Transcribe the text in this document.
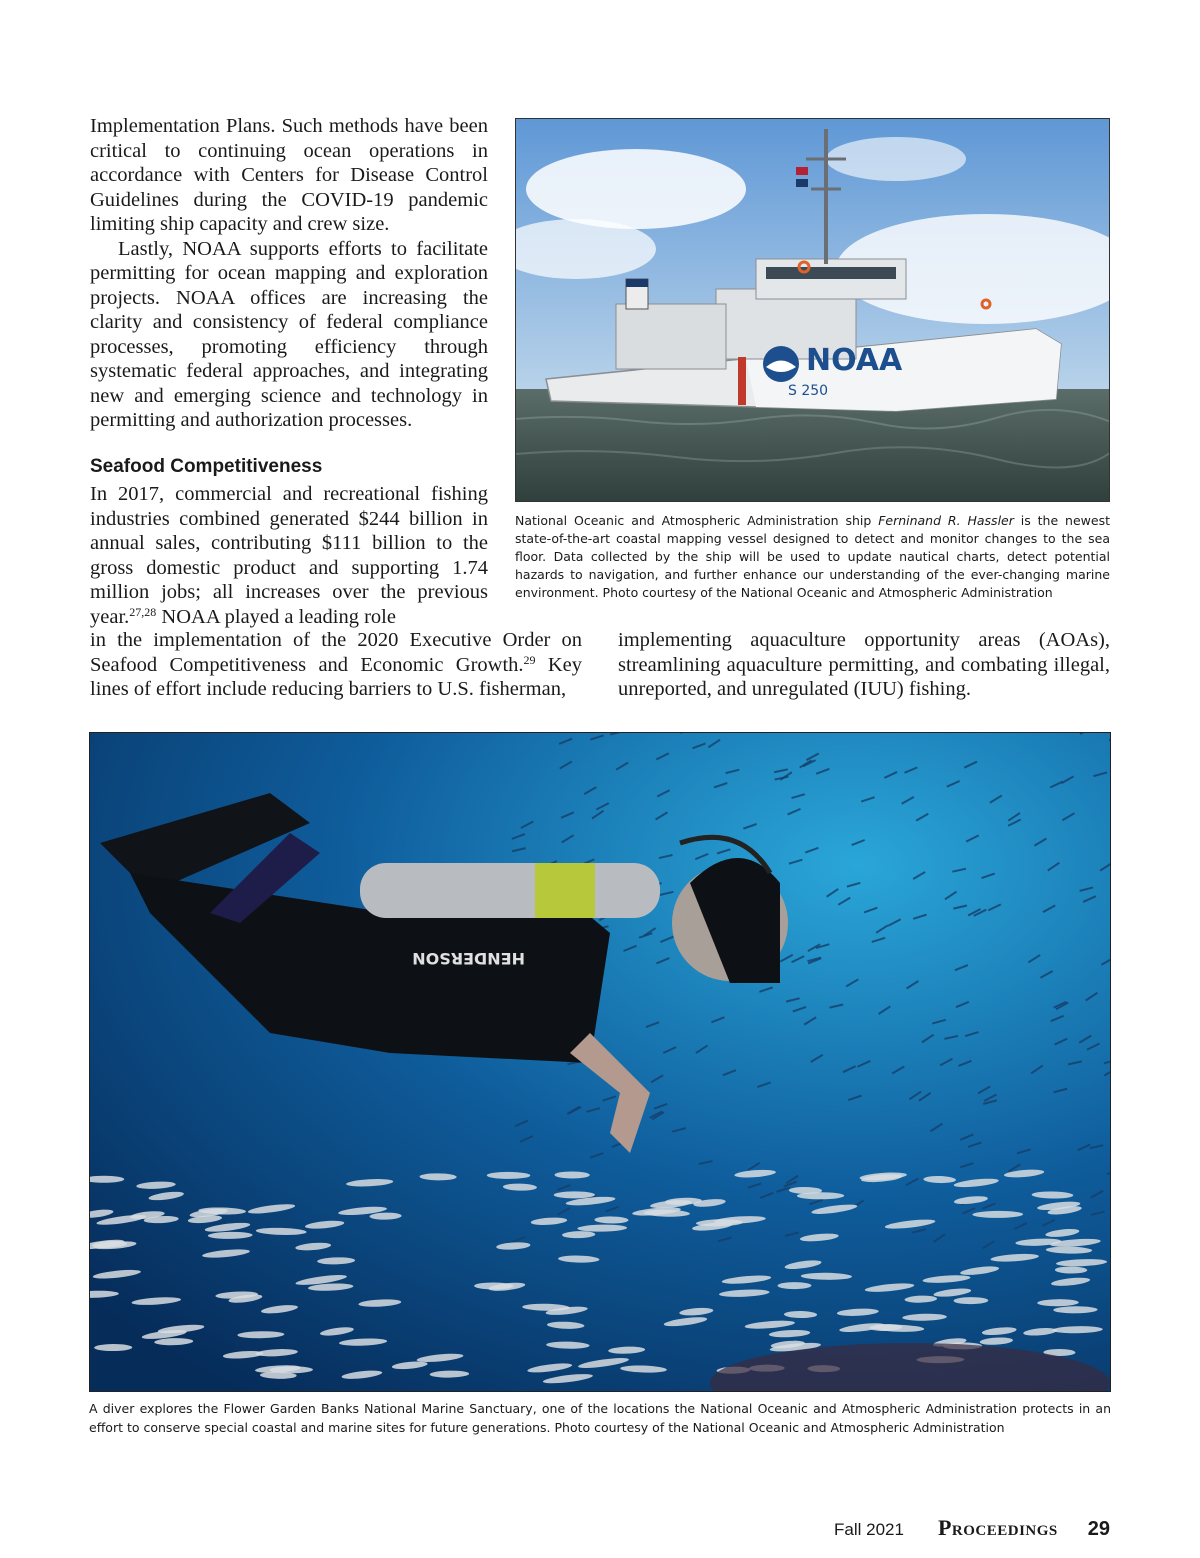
Implementation Plans. Such methods have been critical to continuing ocean operations in accordance with Centers for Disease Control Guidelines during the COVID-19 pandemic limiting ship capacity and crew size.

Lastly, NOAA supports efforts to facilitate permitting for ocean mapping and exploration projects. NOAA offices are increasing the clarity and consistency of federal compliance processes, promoting efficiency through systematic federal approaches, and integrating new and emerging science and technology in permitting and authorization processes.

Seafood Competitiveness

In 2017, commercial and recreational fishing industries combined generated $244 billion in annual sales, contributing $111 billion to the gross domestic product and supporting 1.74 million jobs; all increases over the previous year.$^{27,28}$ NOAA played a leading role

in the implementation of the 2020 Executive Order on Seafood Competitiveness and Economic Growth.$^{29}$ Key lines of effort include reducing barriers to U.S. fisherman,

implementing aquaculture opportunity areas (AOAs), streamlining aquaculture permitting, and combating illegal, unreported, and unregulated (IUU) fishing.

NOAA
S 250

National Oceanic and Atmospheric Administration ship Ferninand R. Hassler is the newest state-of-the-art coastal mapping vessel designed to detect and monitor changes to the sea floor. Data collected by the ship will be used to update nautical charts, detect potential hazards to navigation, and further enhance our understanding of the ever-changing marine environment. Photo courtesy of the National Oceanic and Atmospheric Administration

HENDERSON

A diver explores the Flower Garden Banks National Marine Sanctuary, one of the locations the National Oceanic and Atmospheric Administration protects in an effort to conserve special coastal and marine sites for future generations. Photo courtesy of the National Oceanic and Atmospheric Administration

Fall 2021 Proceedings 29
